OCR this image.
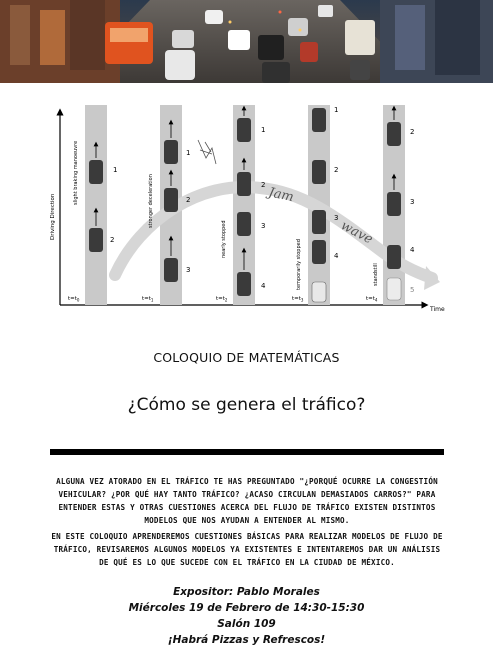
Driving Direction
Time
Jam
wave
1
2
slight braking manoeuvre
$t=t_0$
1
2
3
stronger deceleration
$t=t_1$
1
2
3
4
nearly stopped
$t=t_2$
1
2
3
4
temporarily stopped
$t=t_3$
2
3
4
5
standstill
$t=t_4$
COLOQUIO DE MATEMÁTICAS
¿Cómo se genera el tráfico?
ALGUNA VEZ ATORADO EN EL TRÁFICO TE HAS PREGUNTADO "¿PORQUÉ OCURRE LA CONGESTIÓN VEHICULAR? ¿POR QUÉ HAY TANTO TRÁFICO? ¿ACASO CIRCULAN DEMASIADOS CARROS?" PARA ENTENDER ESTAS Y OTRAS CUESTIONES ACERCA DEL FLUJO DE TRÁFICO EXISTEN DISTINTOS MODELOS QUE NOS AYUDAN A ENTENDER AL MISMO.
EN ESTE COLOQUIO APRENDEREMOS CUESTIONES BÁSICAS PARA REALIZAR MODELOS DE FLUJO DE TRÁFICO, REVISAREMOS ALGUNOS MODELOS YA EXISTENTES E INTENTAREMOS DAR UN ANÁLISIS DE QUÉ ES LO QUE SUCEDE CON EL TRÁFICO EN LA CIUDAD DE MÉXICO.
Expositor: Pablo Morales
Miércoles 19 de Febrero de 14:30-15:30
Salón 109
¡Habrá Pizzas y Refrescos!
